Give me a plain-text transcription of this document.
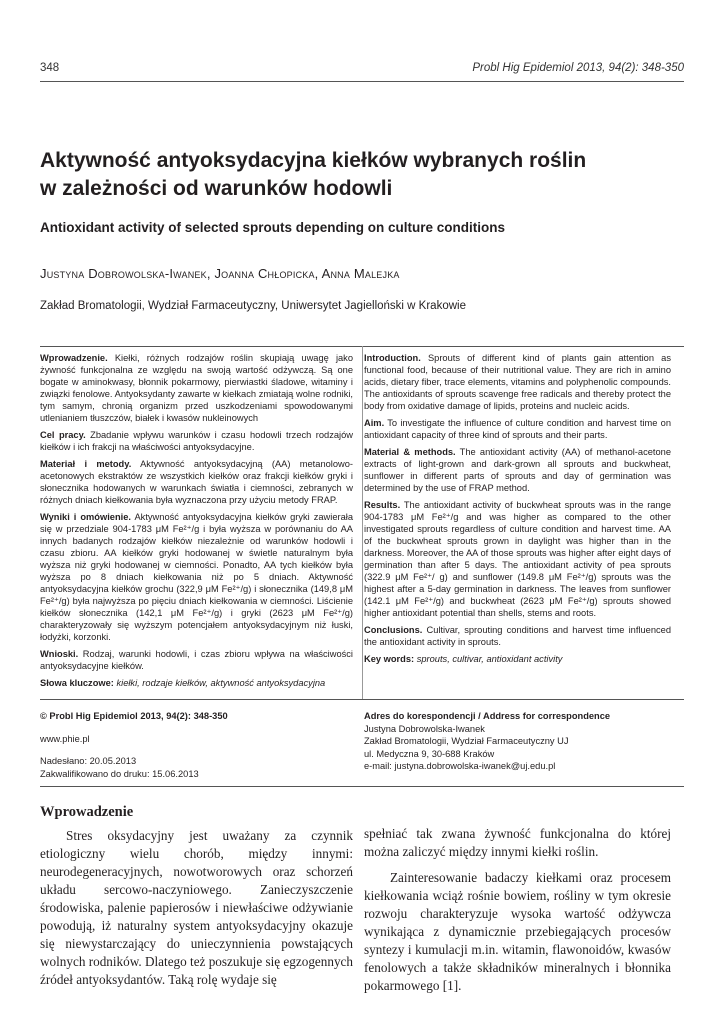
348	Probl Hig Epidemiol 2013, 94(2): 348-350
Aktywność antyoksydacyjna kiełków wybranych roślin
w zależności od warunków hodowli
Antioxidant activity of selected sprouts depending on culture conditions
Justyna Dobrowolska-Iwanek, Joanna Chłopicka, Anna Malejka
Zakład Bromatologii, Wydział Farmaceutyczny, Uniwersytet Jagielloński w Krakowie

Wprowadzenie. Kiełki, różnych rodzajów roślin skupiają uwagę jako żywność funkcjonalna ze względu na swoją wartość odżywczą. Są one bogate w aminokwasy, błonnik pokarmowy, pierwiastki śladowe, witaminy i związki fenolowe. Antyoksydanty zawarte w kiełkach zmiatają wolne rodniki, tym samym, chronią organizm przed uszkodzeniami spowodowanymi utlenianiem tłuszczów, białek i kwasów nukleinowych

Cel pracy. Zbadanie wpływu warunków i czasu hodowli trzech rodzajów kiełków i ich frakcji na właściwości antyoksydacyjne.

Materiał i metody. Aktywność antyoksydacyjną (AA) metanolowo-acetonowych ekstraktów ze wszystkich kiełków oraz frakcji kiełków gryki i słonecznika hodowanych w warunkach światła i ciemności, zebranych w różnych dniach kiełkowania była wyznaczona przy użyciu metody FRAP.

Wyniki i omówienie. Aktywność antyoksydacyjna kiełków gryki zawierała się w przedziale 904-1783 μM Fe²⁺/g i była wyższa w porównaniu do AA innych badanych rodzajów kiełków niezależnie od warunków hodowli i czasu zbioru. AA kiełków gryki hodowanej w świetle naturalnym była wyższa niż gryki hodowanej w ciemności. Ponadto, AA tych kiełków była wyższa po 8 dniach kiełkowania niż po 5 dniach. Aktywność antyoksydacyjna kiełków grochu (322,9 μM Fe²⁺/g) i słonecznika (149,8 μM Fe²⁺/g) była najwyższa po pięciu dniach kiełkowania w ciemności. Liścienie kiełków słonecznika (142,1 μM Fe²⁺/g) i gryki (2623 μM Fe²⁺/g) charakteryzowały się wyższym potencjałem antyoksydacyjnym niż łuski, łodyżki, korzonki.

Wnioski. Rodzaj, warunki hodowli, i czas zbioru wpływa na właściwości antyoksydacyjne kiełków.

Słowa kluczowe: kiełki, rodzaje kiełków, aktywność antyoksydacyjna

Introduction. Sprouts of different kind of plants gain attention as functional food, because of their nutritional value. They are rich in amino acids, dietary fiber, trace elements, vitamins and polyphenolic compounds. The antioxidants of sprouts scavenge free radicals and thereby protect the body from oxidative damage of lipids, proteins and nucleic acids.

Aim. To investigate the influence of culture condition and harvest time on antioxidant capacity of three kind of sprouts and their parts.

Material & methods. The antioxidant activity (AA) of methanol-acetone extracts of light-grown and dark-grown all sprouts and buckwheat, sunflower in different parts of sprouts and day of germination was determined by the use of FRAP method.

Results. The antioxidant activity of buckwheat sprouts was in the range 904-1783 μM Fe²⁺/g and was higher as compared to the other investigated sprouts regardless of culture condition and harvest time. AA of the buckwheat sprouts grown in daylight was higher than in the darkness. Moreover, the AA of those sprouts was higher after eight days of germination than after 5 days. The antioxidant activity of pea sprouts (322.9 μM Fe²⁺/ g) and sunflower (149.8 μM Fe²⁺/g) sprouts was the highest after a 5-day germination in darkness. The leaves from sunflower (142.1 μM Fe²⁺/g) and buckwheat (2623 μM Fe²⁺/g) sprouts showed higher antioxidant potential than shells, stems and roots.

Conclusions. Cultivar, sprouting conditions and harvest time influenced the antioxidant activity in sprouts.

Key words: sprouts, cultivar, antioxidant activity

© Probl Hig Epidemiol 2013, 94(2): 348-350
www.phie.pl
Nadesłano: 20.05.2013
Zakwalifikowano do druku: 15.06.2013
Adres do korespondencji / Address for correspondence
Justyna Dobrowolska-Iwanek
Zakład Bromatologii, Wydział Farmaceutyczny UJ
ul. Medyczna 9, 30-688 Kraków
e-mail: justyna.dobrowolska-iwanek@uj.edu.pl
Wprowadzenie

Stres oksydacyjny jest uważany za czynnik etiologiczny wielu chorób, między innymi: neurodegeneracyjnych, nowotworowych oraz schorzeń układu sercowo-naczyniowego. Zanieczyszczenie środowiska, palenie papierosów i niewłaściwe odżywianie powodują, iż naturalny system antyoksydacyjny okazuje się niewystarczający do unieczynnienia powstających wolnych rodników. Dlatego też poszukuje się egzogennych źródeł antyoksydantów. Taką rolę wydaje się

spełniać tak zwana żywność funkcjonalna do której można zaliczyć między innymi kiełki roślin.

Zainteresowanie badaczy kiełkami oraz procesem kiełkowania wciąż rośnie bowiem, rośliny w tym okresie rozwoju charakteryzuje wysoka wartość odżywcza wynikająca z dynamicznie przebiegających procesów syntezy i kumulacji m.in. witamin, flawonoidów, kwasów fenolowych a także składników mineralnych i błonnika pokarmowego [1].
